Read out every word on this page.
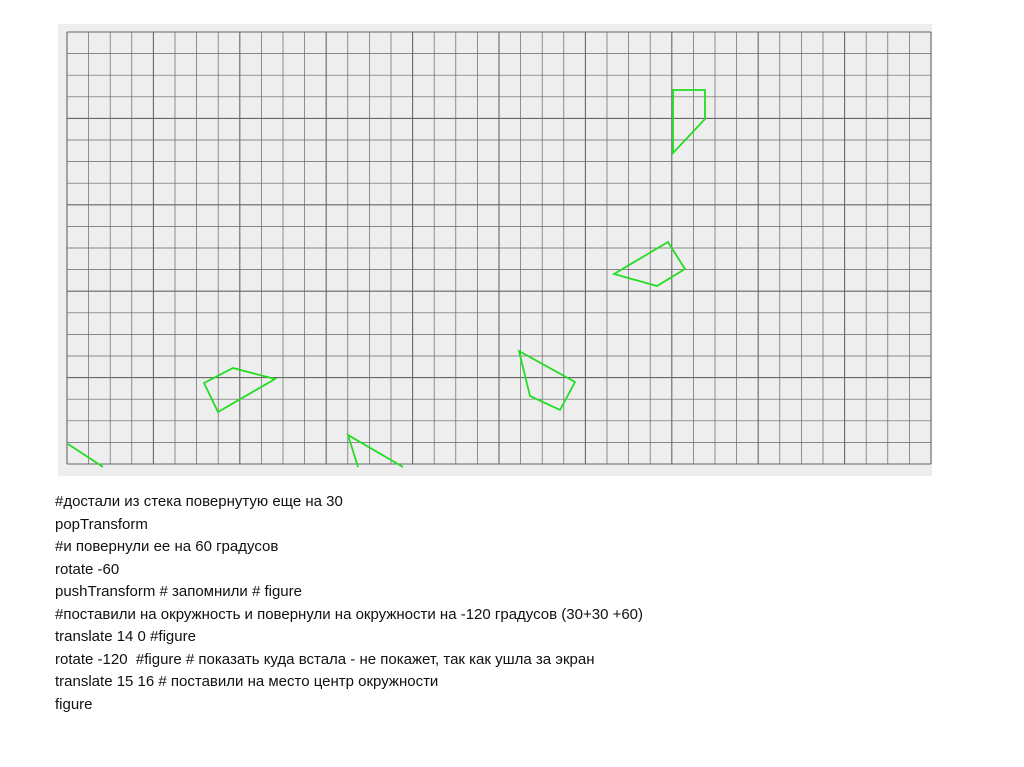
#достали из стека повернутую еще на 30
popTransform
#и повернули ее на 60 градусов
rotate -60
pushTransform # запомнили # figure
#поставили на окружность и повернули на окружности на -120 градусов (30+30 +60)
translate 14 0 #figure
rotate -120  #figure # показать куда встала - не покажет, так как ушла за экран
translate 15 16 # поставили на место центр окружности
figure
